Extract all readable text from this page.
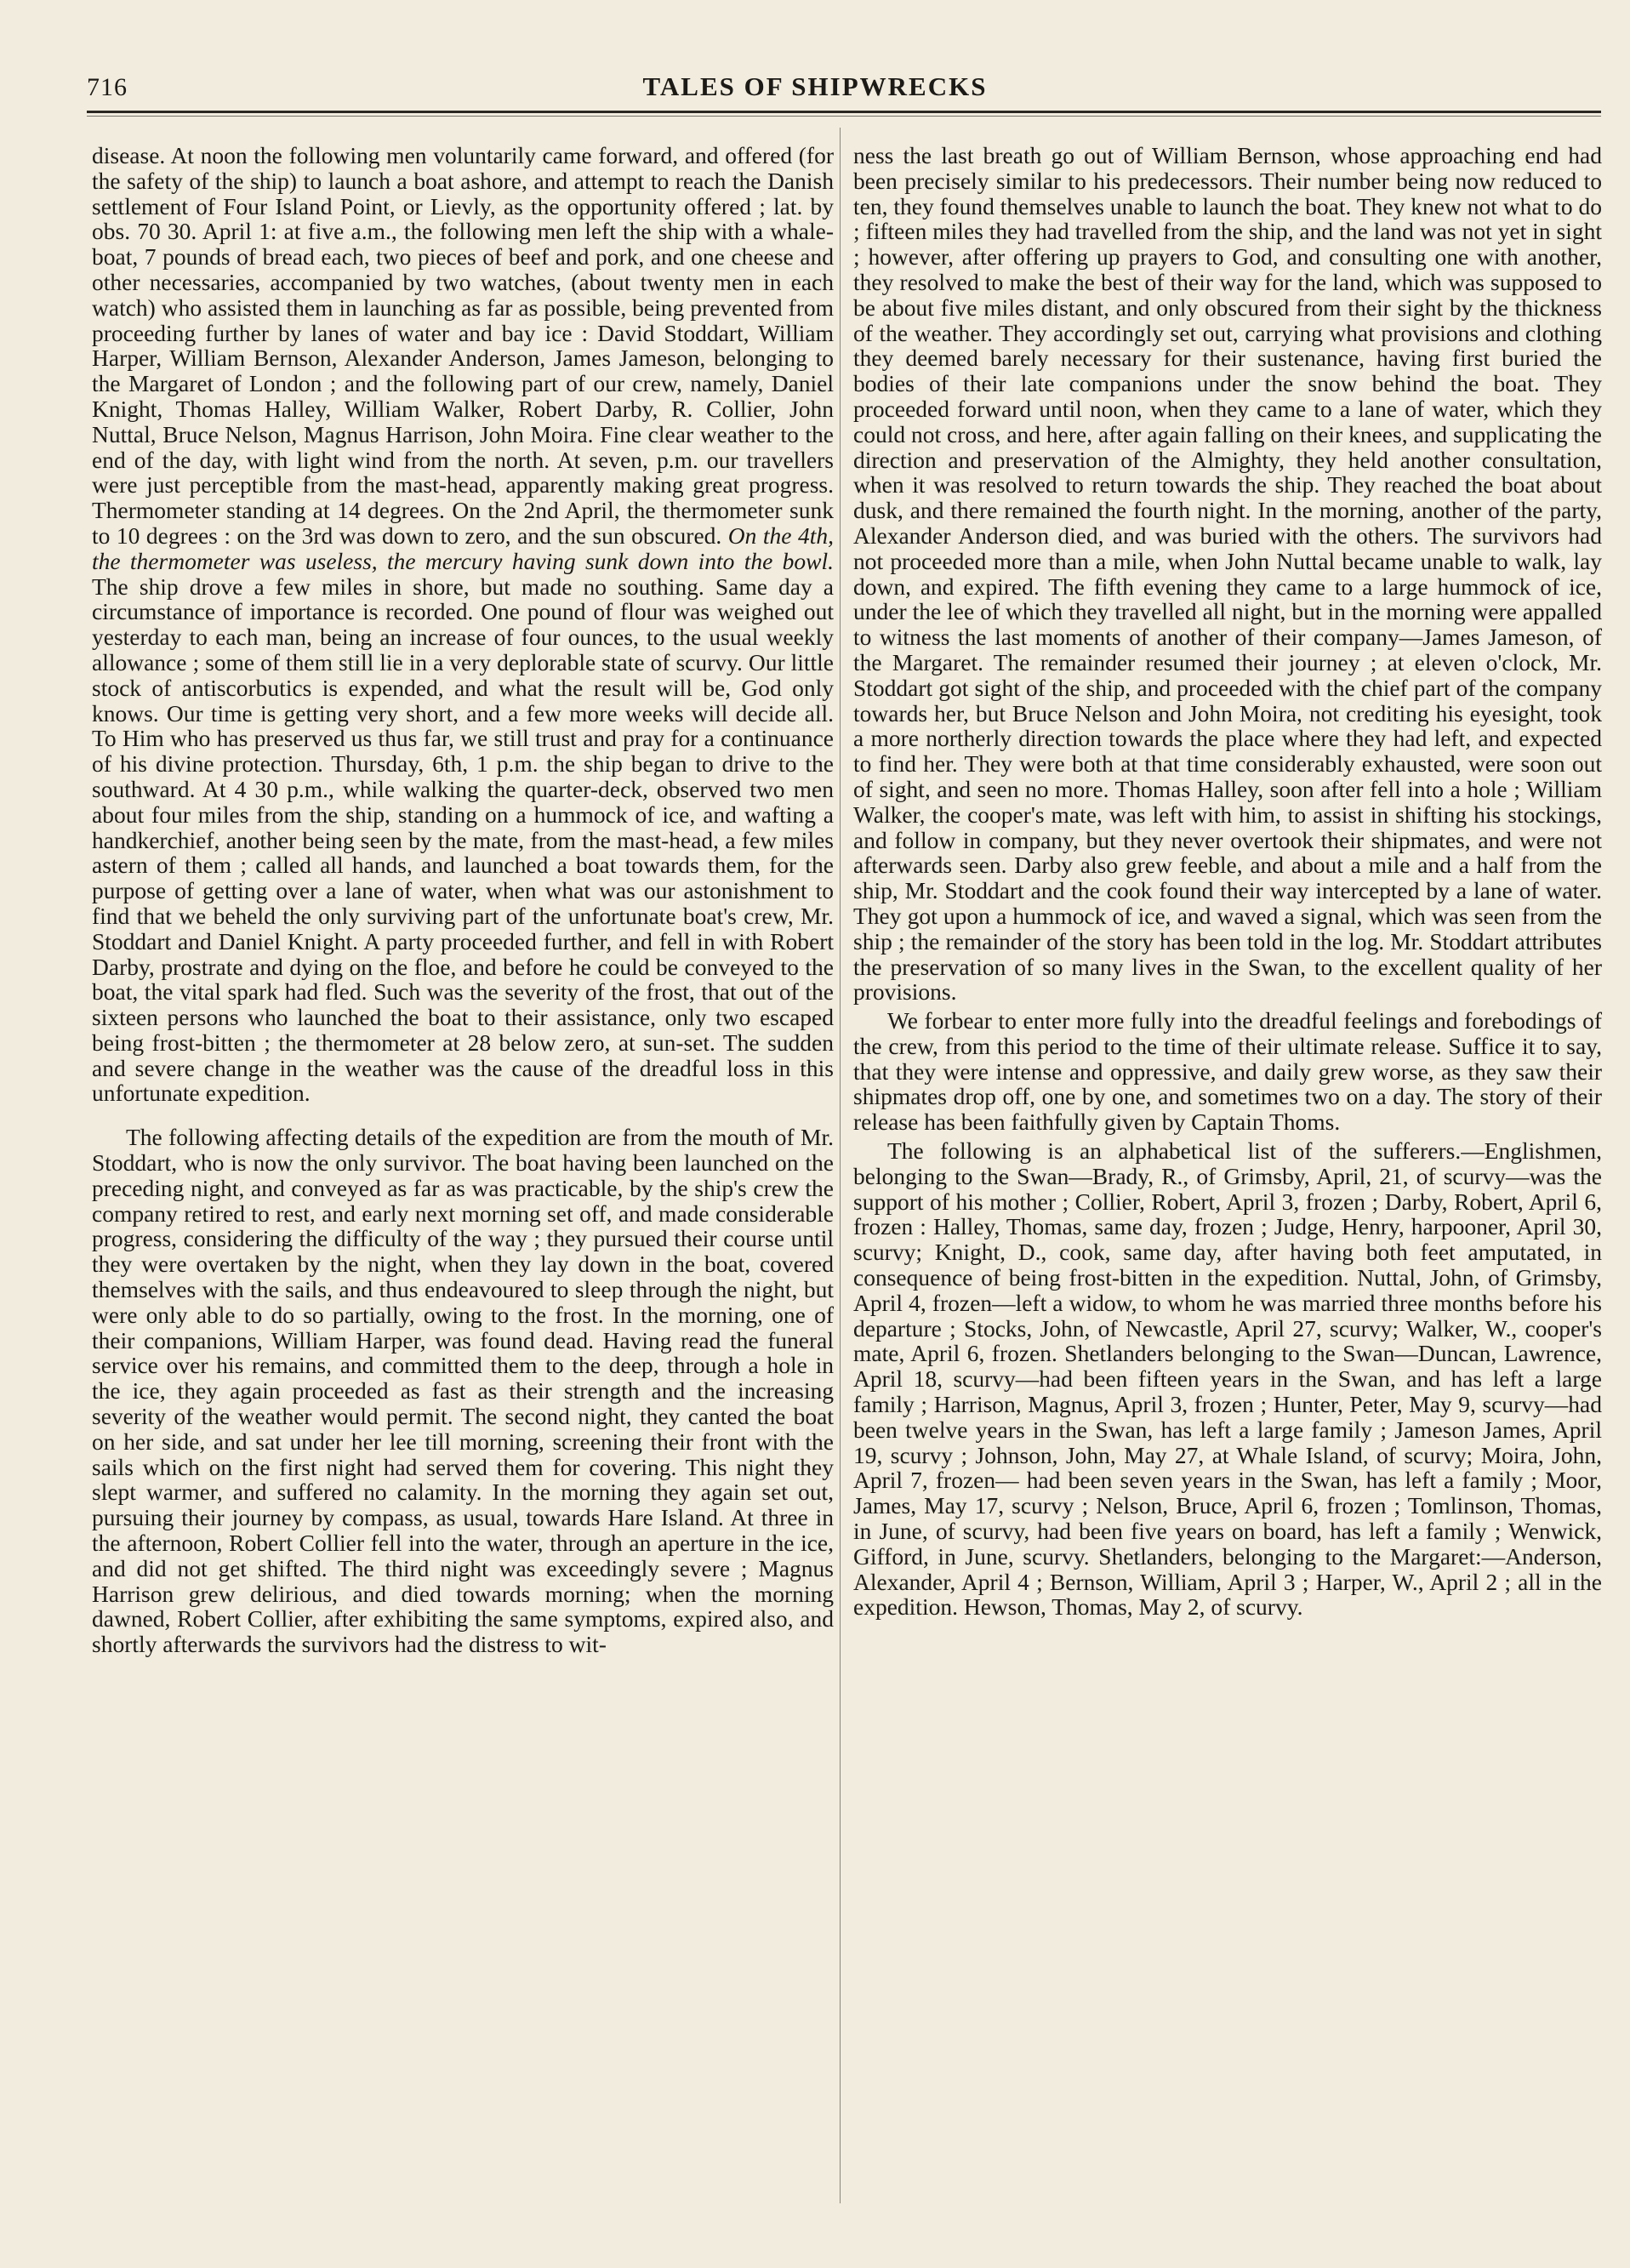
716	TALES OF SHIPWRECKS

disease. At noon the following men voluntarily came forward, and offered (for the safety of the ship) to launch a boat ashore, and attempt to reach the Danish settlement of Four Island Point, or Lievly, as the opportunity offered ; lat. by obs. 70 30. April 1: at five a.m., the following men left the ship with a whale-boat, 7 pounds of bread each, two pieces of beef and pork, and one cheese and other necessaries, accompanied by two watches, (about twenty men in each watch) who assisted them in launching as far as possible, being prevented from proceeding further by lanes of water and bay ice : David Stoddart, William Harper, William Bernson, Alexander Anderson, James Jameson, belonging to the Margaret of London ; and the following part of our crew, namely, Daniel Knight, Thomas Halley, William Walker, Robert Darby, R. Collier, John Nuttal, Bruce Nelson, Magnus Harrison, John Moira. Fine clear weather to the end of the day, with light wind from the north. At seven, p.m. our travellers were just perceptible from the mast-head, apparently making great progress. Thermometer standing at 14 degrees. On the 2nd April, the thermometer sunk to 10 degrees : on the 3rd was down to zero, and the sun obscured. On the 4th, the thermometer was useless, the mercury having sunk down into the bowl. The ship drove a few miles in shore, but made no southing. Same day a circumstance of importance is recorded. One pound of flour was weighed out yesterday to each man, being an increase of four ounces, to the usual weekly allowance ; some of them still lie in a very deplorable state of scurvy. Our little stock of antiscorbutics is expended, and what the result will be, God only knows. Our time is getting very short, and a few more weeks will decide all. To Him who has preserved us thus far, we still trust and pray for a continuance of his divine protection. Thursday, 6th, 1 p.m. the ship began to drive to the southward. At 4 30 p.m., while walking the quarter-deck, observed two men about four miles from the ship, standing on a hummock of ice, and wafting a handkerchief, another being seen by the mate, from the mast-head, a few miles astern of them ; called all hands, and launched a boat towards them, for the purpose of getting over a lane of water, when what was our astonishment to find that we beheld the only surviving part of the unfortunate boat's crew, Mr. Stoddart and Daniel Knight. A party proceeded further, and fell in with Robert Darby, prostrate and dying on the floe, and before he could be conveyed to the boat, the vital spark had fled. Such was the severity of the frost, that out of the sixteen persons who launched the boat to their assistance, only two escaped being frost-bitten ; the thermometer at 28 below zero, at sun-set. The sudden and severe change in the weather was the cause of the dreadful loss in this unfortunate expedition.

The following affecting details of the expedition are from the mouth of Mr. Stoddart, who is now the only survivor. The boat having been launched on the preceding night, and conveyed as far as was practicable, by the ship's crew the company retired to rest, and early next morning set off, and made considerable progress, considering the difficulty of the way ; they pursued their course until they were overtaken by the night, when they lay down in the boat, covered themselves with the sails, and thus endeavoured to sleep through the night, but were only able to do so partially, owing to the frost. In the morning, one of their companions, William Harper, was found dead. Having read the funeral service over his remains, and committed them to the deep, through a hole in the ice, they again proceeded as fast as their strength and the increasing severity of the weather would permit. The second night, they canted the boat on her side, and sat under her lee till morning, screening their front with the sails which on the first night had served them for covering. This night they slept warmer, and suffered no calamity. In the morning they again set out, pursuing their journey by compass, as usual, towards Hare Island. At three in the afternoon, Robert Collier fell into the water, through an aperture in the ice, and did not get shifted. The third night was exceedingly severe ; Magnus Harrison grew delirious, and died towards morning; when the morning dawned, Robert Collier, after exhibiting the same symptoms, expired also, and shortly afterwards the survivors had the distress to wit-

ness the last breath go out of William Bernson, whose approaching end had been precisely similar to his predecessors. Their number being now reduced to ten, they found themselves unable to launch the boat. They knew not what to do ; fifteen miles they had travelled from the ship, and the land was not yet in sight ; however, after offering up prayers to God, and consulting one with another, they resolved to make the best of their way for the land, which was supposed to be about five miles distant, and only obscured from their sight by the thickness of the weather. They accordingly set out, carrying what provisions and clothing they deemed barely necessary for their sustenance, having first buried the bodies of their late companions under the snow behind the boat. They proceeded forward until noon, when they came to a lane of water, which they could not cross, and here, after again falling on their knees, and supplicating the direction and preservation of the Almighty, they held another consultation, when it was resolved to return towards the ship. They reached the boat about dusk, and there remained the fourth night. In the morning, another of the party, Alexander Anderson died, and was buried with the others. The survivors had not proceeded more than a mile, when John Nuttal became unable to walk, lay down, and expired. The fifth evening they came to a large hummock of ice, under the lee of which they travelled all night, but in the morning were appalled to witness the last moments of another of their company—James Jameson, of the Margaret. The remainder resumed their journey ; at eleven o'clock, Mr. Stoddart got sight of the ship, and proceeded with the chief part of the company towards her, but Bruce Nelson and John Moira, not crediting his eyesight, took a more northerly direction towards the place where they had left, and expected to find her. They were both at that time considerably exhausted, were soon out of sight, and seen no more. Thomas Halley, soon after fell into a hole ; William Walker, the cooper's mate, was left with him, to assist in shifting his stockings, and follow in company, but they never overtook their shipmates, and were not afterwards seen. Darby also grew feeble, and about a mile and a half from the ship, Mr. Stoddart and the cook found their way intercepted by a lane of water. They got upon a hummock of ice, and waved a signal, which was seen from the ship ; the remainder of the story has been told in the log. Mr. Stoddart attributes the preservation of so many lives in the Swan, to the excellent quality of her provisions.

We forbear to enter more fully into the dreadful feelings and forebodings of the crew, from this period to the time of their ultimate release. Suffice it to say, that they were intense and oppressive, and daily grew worse, as they saw their shipmates drop off, one by one, and sometimes two on a day. The story of their release has been faithfully given by Captain Thoms.

The following is an alphabetical list of the sufferers.—Englishmen, belonging to the Swan—Brady, R., of Grimsby, April, 21, of scurvy—was the support of his mother ; Collier, Robert, April 3, frozen ; Darby, Robert, April 6, frozen : Halley, Thomas, same day, frozen ; Judge, Henry, harpooner, April 30, scurvy; Knight, D., cook, same day, after having both feet amputated, in consequence of being frost-bitten in the expedition. Nuttal, John, of Grimsby, April 4, frozen—left a widow, to whom he was married three months before his departure ; Stocks, John, of Newcastle, April 27, scurvy; Walker, W., cooper's mate, April 6, frozen. Shetlanders belonging to the Swan—Duncan, Lawrence, April 18, scurvy—had been fifteen years in the Swan, and has left a large family ; Harrison, Magnus, April 3, frozen ; Hunter, Peter, May 9, scurvy—had been twelve years in the Swan, has left a large family ; Jameson James, April 19, scurvy ; Johnson, John, May 27, at Whale Island, of scurvy; Moira, John, April 7, frozen— had been seven years in the Swan, has left a family ; Moor, James, May 17, scurvy ; Nelson, Bruce, April 6, frozen ; Tomlinson, Thomas, in June, of scurvy, had been five years on board, has left a family ; Wenwick, Gifford, in June, scurvy. Shetlanders, belonging to the Margaret:—Anderson, Alexander, April 4 ; Bernson, William, April 3 ; Harper, W., April 2 ; all in the expedition. Hewson, Thomas, May 2, of scurvy.
